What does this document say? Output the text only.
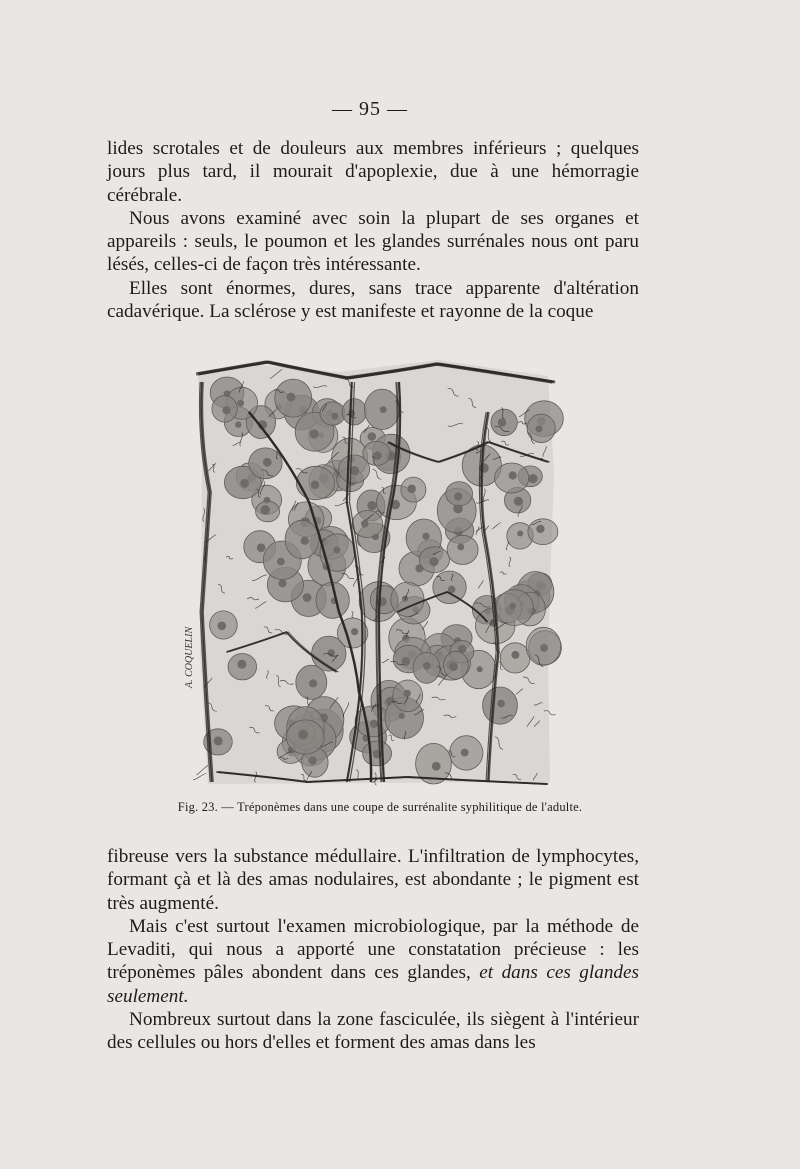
— 95 —

lides scrotales et de douleurs aux membres inférieurs ; quelques jours plus tard, il mourait d'apoplexie, due à une hémorragie cérébrale.

Nous avons examiné avec soin la plupart de ses organes et appareils : seuls, le poumon et les glandes surrénales nous ont paru lésés, celles-ci de façon très intéressante.

Elles sont énormes, dures, sans trace apparente d'altération cadavérique. La sclérose y est manifeste et rayonne de la coque

A. COQUELIN
Fig. 23. — Tréponèmes dans une coupe de surrénalite syphilitique de l'adulte.

fibreuse vers la substance médullaire. L'infiltration de lymphocytes, formant çà et là des amas nodulaires, est abondante ; le pigment est très augmenté.

Mais c'est surtout l'examen microbiologique, par la méthode de Levaditi, qui nous a apporté une constatation précieuse : les tréponèmes pâles abondent dans ces glandes, et dans ces glandes seulement.

Nombreux surtout dans la zone fasciculée, ils siègent à l'intérieur des cellules ou hors d'elles et forment des amas dans les
